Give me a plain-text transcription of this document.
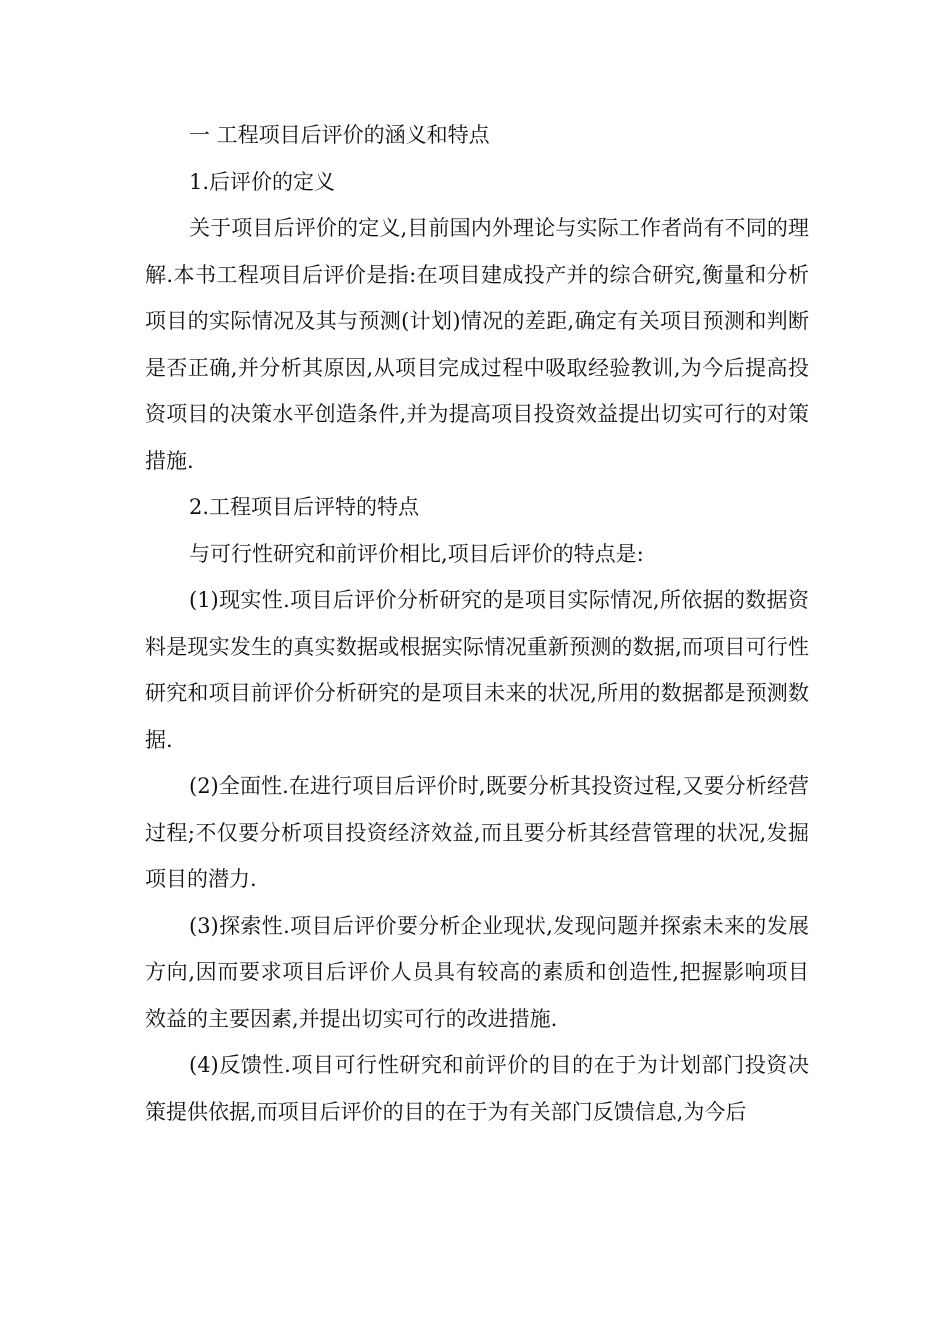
一 工程项目后评价的涵义和特点

1.后评价的定义

关于项目后评价的定义,目前国内外理论与实际工作者尚有不同的理解.本书工程项目后评价是指:在项目建成投产并的综合研究,衡量和分析项目的实际情况及其与预测(计划)情况的差距,确定有关项目预测和判断是否正确,并分析其原因,从项目完成过程中吸取经验教训,为今后提高投资项目的决策水平创造条件,并为提高项目投资效益提出切实可行的对策措施.

2.工程项目后评特的特点

与可行性研究和前评价相比,项目后评价的特点是:

(1)现实性.项目后评价分析研究的是项目实际情况,所依据的数据资料是现实发生的真实数据或根据实际情况重新预测的数据,而项目可行性研究和项目前评价分析研究的是项目未来的状况,所用的数据都是预测数据.

(2)全面性.在进行项目后评价时,既要分析其投资过程,又要分析经营过程;不仅要分析项目投资经济效益,而且要分析其经营管理的状况,发掘项目的潜力.

(3)探索性.项目后评价要分析企业现状,发现问题并探索未来的发展方向,因而要求项目后评价人员具有较高的素质和创造性,把握影响项目效益的主要因素,并提出切实可行的改进措施.

(4)反馈性.项目可行性研究和前评价的目的在于为计划部门投资决策提供依据,而项目后评价的目的在于为有关部门反馈信息,为今后
